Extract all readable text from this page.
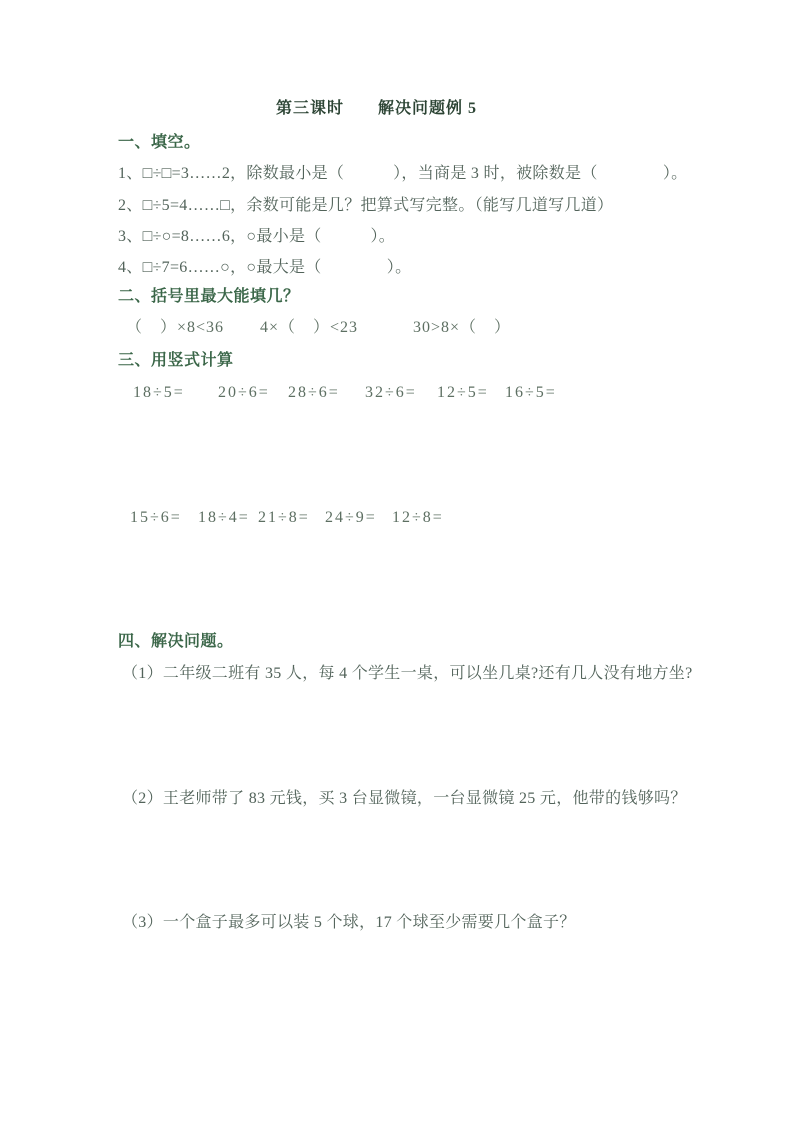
第三课时　　解决问题例 5
一、填空。
1、□÷□=3……2，除数最小是（　　　），当商是 3 时，被除数是（　　　　）。
2、□÷5=4……□，余数可能是几？把算式写完整。（能写几道写几道）
3、□÷○=8……6，○最小是（　　　）。
4、□÷7=6……○，○最大是（　　　　）。
二、括号里最大能填几？
（　）×8<36 4×（　）<23	30>8×（　）
三、用竖式计算
18÷5= 20÷6= 28÷6= 32÷6= 12÷5= 16÷5=
15÷6= 18÷4= 21÷8= 24÷9= 12÷8=
四、解决问题。
（1）二年级二班有 35 人，每 4 个学生一桌，可以坐几桌?还有几人没有地方坐?
（2）王老师带了 83 元钱，买 3 台显微镜，一台显微镜 25 元，他带的钱够吗？
（3）一个盒子最多可以装 5 个球，17 个球至少需要几个盒子？
